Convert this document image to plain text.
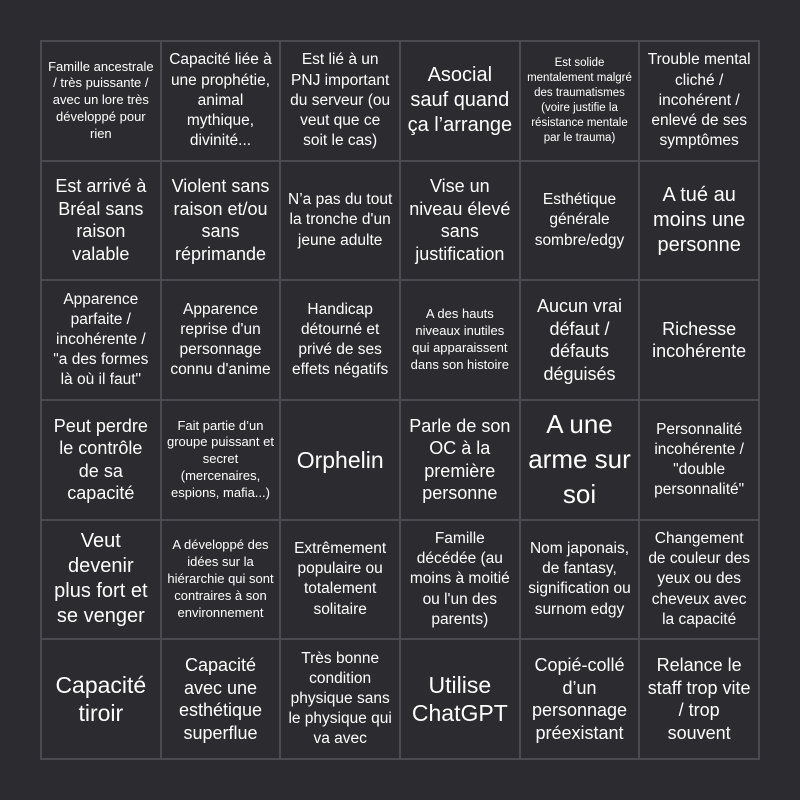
Famille ancestrale / très puissante / avec un lore très développé pour rien
Capacité liée à une prophétie, animal mythique, divinité...
Est lié à un PNJ important du serveur (ou veut que ce soit le cas)
Asocial sauf quand ça l’arrange
Est solide mentalement malgré des traumatismes (voire justifie la résistance mentale par le trauma)
Trouble mental cliché / incohérent / enlevé de ses symptômes
Est arrivé à Bréal sans raison valable
Violent sans raison et/ou sans réprimande
N’a pas du tout la tronche d'un jeune adulte
Vise un niveau élevé sans justification
Esthétique générale sombre/edgy
A tué au moins une personne
Apparence parfaite / incohérente / "a des formes là où il faut"
Apparence reprise d'un personnage connu d'anime
Handicap détourné et privé de ses effets négatifs
A des hauts niveaux inutiles qui apparaissent dans son histoire
Aucun vrai défaut / défauts déguisés
Richesse incohérente
Peut perdre le contrôle de sa capacité
Fait partie d’un groupe puissant et secret (mercenaires, espions, mafia...)
Orphelin
Parle de son OC à la première personne
A une arme sur soi
Personnalité incohérente / "double personnalité"
Veut devenir plus fort et se venger
A développé des idées sur la hiérarchie qui sont contraires à son environnement
Extrêmement populaire ou totalement solitaire
Famille décédée (au moins à moitié ou l'un des parents)
Nom japonais, de fantasy, signification ou surnom edgy
Changement de couleur des yeux ou des cheveux avec la capacité
Capacité tiroir
Capacité avec une esthétique superflue
Très bonne condition physique sans le physique qui va avec
Utilise ChatGPT
Copié-collé d’un personnage préexistant
Relance le staff trop vite / trop souvent
